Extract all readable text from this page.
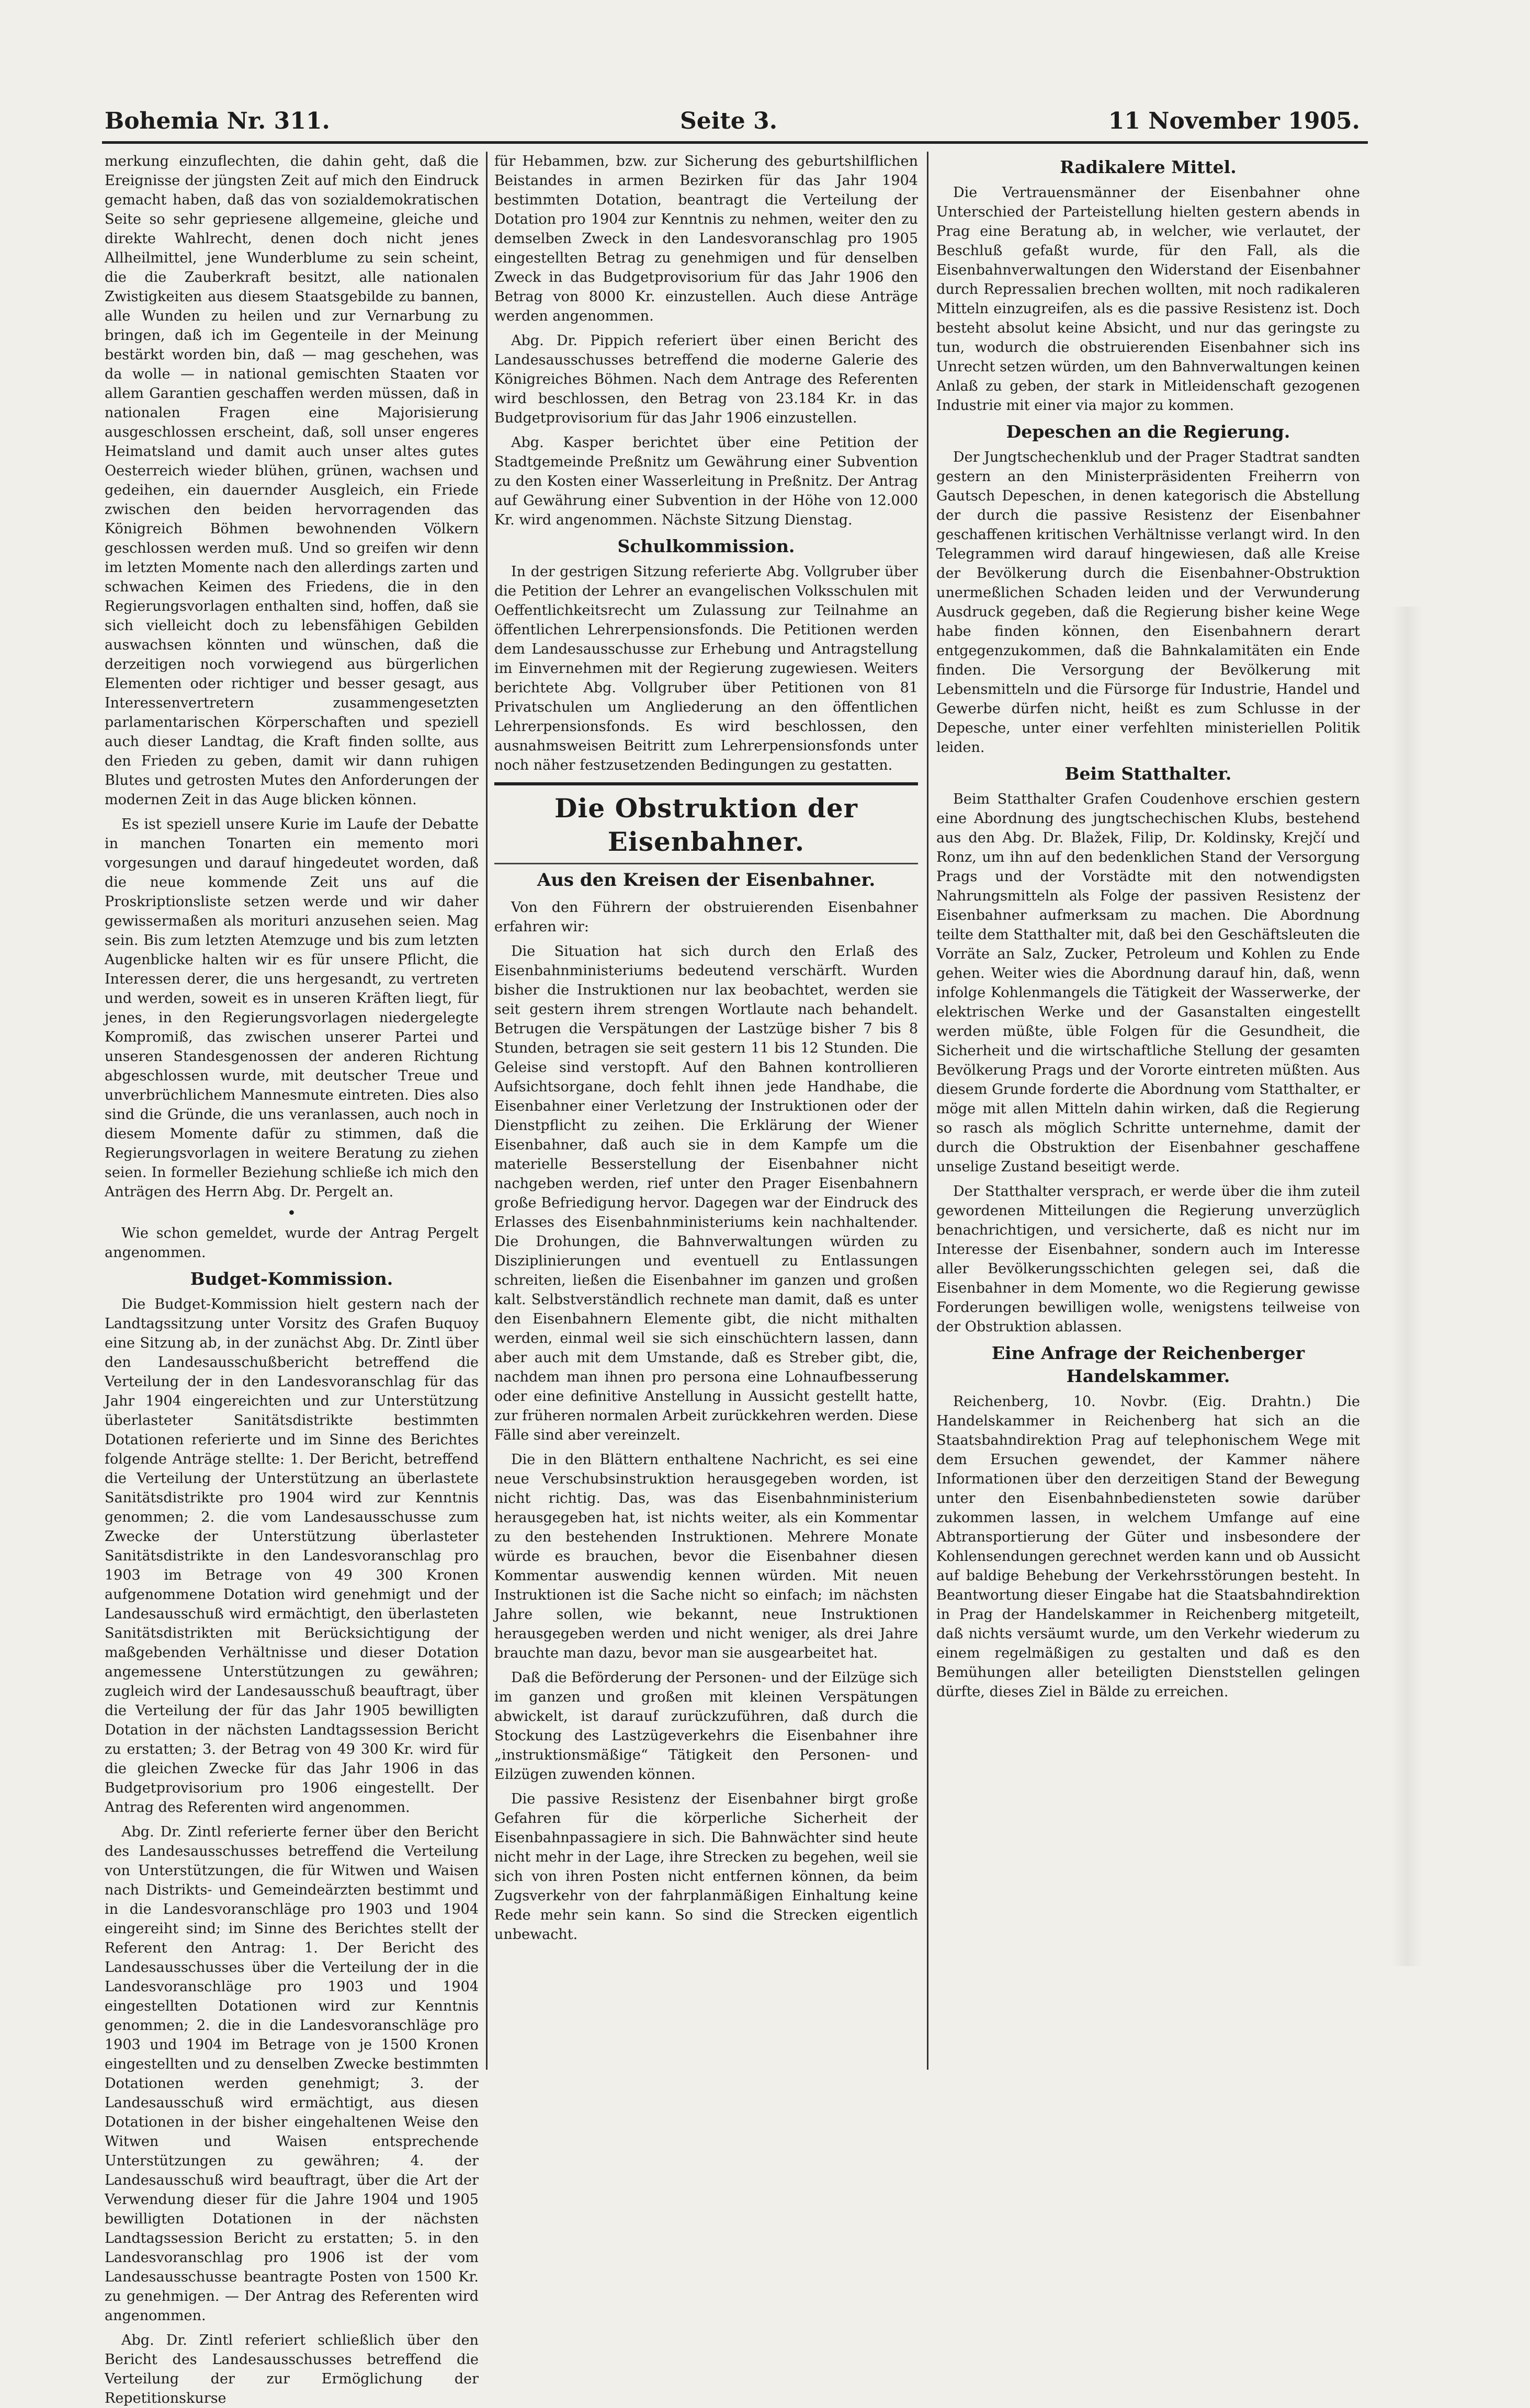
Bohemia Nr. 311.	Seite 3.	11 November 1905.

merkung einzuflechten, die dahin geht, daß die Ereignisse der jüngsten Zeit auf mich den Eindruck gemacht haben, daß das von sozialdemokratischen Seite so sehr gepriesene allgemeine, gleiche und direkte Wahlrecht, denen doch nicht jenes Allheilmittel, jene Wunderblume zu sein scheint, die die Zauberkraft besitzt, alle nationalen Zwistigkeiten aus diesem Staatsgebilde zu bannen, alle Wunden zu heilen und zur Vernarbung zu bringen, daß ich im Gegenteile in der Meinung bestärkt worden bin, daß — mag geschehen, was da wolle — in national gemischten Staaten vor allem Garantien geschaffen werden müssen, daß in nationalen Fragen eine Majorisierung ausgeschlossen erscheint, daß, soll unser engeres Heimatsland und damit auch unser altes gutes Oesterreich wieder blühen, grünen, wachsen und gedeihen, ein dauernder Ausgleich, ein Friede zwischen den beiden hervorragenden das Königreich Böhmen bewohnenden Völkern geschlossen werden muß. Und so greifen wir denn im letzten Momente nach den allerdings zarten und schwachen Keimen des Friedens, die in den Regierungsvorlagen enthalten sind, hoffen, daß sie sich vielleicht doch zu lebensfähigen Gebilden auswachsen könnten und wünschen, daß die derzeitigen noch vorwiegend aus bürgerlichen Elementen oder richtiger und besser gesagt, aus Interessenvertretern zusammengesetzten parlamentarischen Körperschaften und speziell auch dieser Landtag, die Kraft finden sollte, aus den Frieden zu geben, damit wir dann ruhigen Blutes und getrosten Mutes den Anforderungen der modernen Zeit in das Auge blicken können.

Es ist speziell unsere Kurie im Laufe der Debatte in manchen Tonarten ein memento mori vorgesungen und darauf hingedeutet worden, daß die neue kommende Zeit uns auf die Proskriptionsliste setzen werde und wir daher gewissermaßen als morituri anzusehen seien. Mag sein. Bis zum letzten Atemzuge und bis zum letzten Augenblicke halten wir es für unsere Pflicht, die Interessen derer, die uns hergesandt, zu vertreten und werden, soweit es in unseren Kräften liegt, für jenes, in den Regierungsvorlagen niedergelegte Kompromiß, das zwischen unserer Partei und unseren Standesgenossen der anderen Richtung abgeschlossen wurde, mit deutscher Treue und unverbrüchlichem Mannesmute eintreten. Dies also sind die Gründe, die uns veranlassen, auch noch in diesem Momente dafür zu stimmen, daß die Regierungsvorlagen in weitere Beratung zu ziehen seien. In formeller Beziehung schließe ich mich den Anträgen des Herrn Abg. Dr. Pergelt an.

•

Wie schon gemeldet, wurde der Antrag Pergelt angenommen.

Budget-Kommission.

Die Budget-Kommission hielt gestern nach der Landtagssitzung unter Vorsitz des Grafen Buquoy eine Sitzung ab, in der zunächst Abg. Dr. Zintl über den Landesausschußbericht betreffend die Verteilung der in den Landesvoranschlag für das Jahr 1904 eingereichten und zur Unterstützung überlasteter Sanitätsdistrikte bestimmten Dotationen referierte und im Sinne des Berichtes folgende Anträge stellte: 1. Der Bericht, betreffend die Verteilung der Unterstützung an überlastete Sanitätsdistrikte pro 1904 wird zur Kenntnis genommen; 2. die vom Landesausschusse zum Zwecke der Unterstützung überlasteter Sanitätsdistrikte in den Landesvoranschlag pro 1903 im Betrage von 49 300 Kronen aufgenommene Dotation wird genehmigt und der Landesausschuß wird ermächtigt, den überlasteten Sanitätsdistrikten mit Berücksichtigung der maßgebenden Verhältnisse und dieser Dotation angemessene Unterstützungen zu gewähren; zugleich wird der Landesausschuß beauftragt, über die Verteilung der für das Jahr 1905 bewilligten Dotation in der nächsten Landtagssession Bericht zu erstatten; 3. der Betrag von 49 300 Kr. wird für die gleichen Zwecke für das Jahr 1906 in das Budgetprovisorium pro 1906 eingestellt. Der Antrag des Referenten wird angenommen.

Abg. Dr. Zintl referierte ferner über den Bericht des Landesausschusses betreffend die Verteilung von Unterstützungen, die für Witwen und Waisen nach Distrikts- und Gemeindeärzten bestimmt und in die Landesvoranschläge pro 1903 und 1904 eingereiht sind; im Sinne des Berichtes stellt der Referent den Antrag: 1. Der Bericht des Landesausschusses über die Verteilung der in die Landesvoranschläge pro 1903 und 1904 eingestellten Dotationen wird zur Kenntnis genommen; 2. die in die Landesvoranschläge pro 1903 und 1904 im Betrage von je 1500 Kronen eingestellten und zu denselben Zwecke bestimmten Dotationen werden genehmigt; 3. der Landesausschuß wird ermächtigt, aus diesen Dotationen in der bisher eingehaltenen Weise den Witwen und Waisen entsprechende Unterstützungen zu gewähren; 4. der Landesausschuß wird beauftragt, über die Art der Verwendung dieser für die Jahre 1904 und 1905 bewilligten Dotationen in der nächsten Landtagssession Bericht zu erstatten; 5. in den Landesvoranschlag pro 1906 ist der vom Landesausschusse beantragte Posten von 1500 Kr. zu genehmigen. — Der Antrag des Referenten wird angenommen.

Abg. Dr. Zintl referiert schließlich über den Bericht des Landesausschusses betreffend die Verteilung der zur Ermöglichung der Repetitionskurse

für Hebammen, bzw. zur Sicherung des geburtshilflichen Beistandes in armen Bezirken für das Jahr 1904 bestimmten Dotation, beantragt die Verteilung der Dotation pro 1904 zur Kenntnis zu nehmen, weiter den zu demselben Zweck in den Landesvoranschlag pro 1905 eingestellten Betrag zu genehmigen und für denselben Zweck in das Budgetprovisorium für das Jahr 1906 den Betrag von 8000 Kr. einzustellen. Auch diese Anträge werden angenommen.

Abg. Dr. Pippich referiert über einen Bericht des Landesausschusses betreffend die moderne Galerie des Königreiches Böhmen. Nach dem Antrage des Referenten wird beschlossen, den Betrag von 23.184 Kr. in das Budgetprovisorium für das Jahr 1906 einzustellen.

Abg. Kasper berichtet über eine Petition der Stadtgemeinde Preßnitz um Gewährung einer Subvention zu den Kosten einer Wasserleitung in Preßnitz. Der Antrag auf Gewährung einer Subvention in der Höhe von 12.000 Kr. wird angenommen. Nächste Sitzung Dienstag.

Schulkommission.

In der gestrigen Sitzung referierte Abg. Vollgruber über die Petition der Lehrer an evangelischen Volksschulen mit Oeffentlichkeitsrecht um Zulassung zur Teilnahme an öffentlichen Lehrerpensionsfonds. Die Petitionen werden dem Landesausschusse zur Erhebung und Antragstellung im Einvernehmen mit der Regierung zugewiesen. Weiters berichtete Abg. Vollgruber über Petitionen von 81 Privatschulen um Angliederung an den öffentlichen Lehrerpensionsfonds. Es wird beschlossen, den ausnahmsweisen Beitritt zum Lehrerpensionsfonds unter noch näher festzusetzenden Bedingungen zu gestatten.

Die Obstruktion der Eisenbahner.
Aus den Kreisen der Eisenbahner.

Von den Führern der obstruierenden Eisenbahner erfahren wir:

Die Situation hat sich durch den Erlaß des Eisenbahnministeriums bedeutend verschärft. Wurden bisher die Instruktionen nur lax beobachtet, werden sie seit gestern ihrem strengen Wortlaute nach behandelt. Betrugen die Verspätungen der Lastzüge bisher 7 bis 8 Stunden, betragen sie seit gestern 11 bis 12 Stunden. Die Geleise sind verstopft. Auf den Bahnen kontrollieren Aufsichtsorgane, doch fehlt ihnen jede Handhabe, die Eisenbahner einer Verletzung der Instruktionen oder der Dienstpflicht zu zeihen. Die Erklärung der Wiener Eisenbahner, daß auch sie in dem Kampfe um die materielle Besserstellung der Eisenbahner nicht nachgeben werden, rief unter den Prager Eisenbahnern große Befriedigung hervor. Dagegen war der Eindruck des Erlasses des Eisenbahnministeriums kein nachhaltender. Die Drohungen, die Bahnverwaltungen würden zu Disziplinierungen und eventuell zu Entlassungen schreiten, ließen die Eisenbahner im ganzen und großen kalt. Selbstverständlich rechnete man damit, daß es unter den Eisenbahnern Elemente gibt, die nicht mithalten werden, einmal weil sie sich einschüchtern lassen, dann aber auch mit dem Umstande, daß es Streber gibt, die, nachdem man ihnen pro persona eine Lohnaufbesserung oder eine definitive Anstellung in Aussicht gestellt hatte, zur früheren normalen Arbeit zurückkehren werden. Diese Fälle sind aber vereinzelt.

Die in den Blättern enthaltene Nachricht, es sei eine neue Verschubsinstruktion herausgegeben worden, ist nicht richtig. Das, was das Eisenbahnministerium herausgegeben hat, ist nichts weiter, als ein Kommentar zu den bestehenden Instruktionen. Mehrere Monate würde es brauchen, bevor die Eisenbahner diesen Kommentar auswendig kennen würden. Mit neuen Instruktionen ist die Sache nicht so einfach; im nächsten Jahre sollen, wie bekannt, neue Instruktionen herausgegeben werden und nicht weniger, als drei Jahre brauchte man dazu, bevor man sie ausgearbeitet hat.

Daß die Beförderung der Personen- und der Eilzüge sich im ganzen und großen mit kleinen Verspätungen abwickelt, ist darauf zurückzuführen, daß durch die Stockung des Lastzügeverkehrs die Eisenbahner ihre „instruktionsmäßige“ Tätigkeit den Personen- und Eilzügen zuwenden können.

Die passive Resistenz der Eisenbahner birgt große Gefahren für die körperliche Sicherheit der Eisenbahnpassagiere in sich. Die Bahnwächter sind heute nicht mehr in der Lage, ihre Strecken zu begehen, weil sie sich von ihren Posten nicht entfernen können, da beim Zugsverkehr von der fahrplanmäßigen Einhaltung keine Rede mehr sein kann. So sind die Strecken eigentlich unbewacht.

Radikalere Mittel.

Die Vertrauensmänner der Eisenbahner ohne Unterschied der Parteistellung hielten gestern abends in Prag eine Beratung ab, in welcher, wie verlautet, der Beschluß gefaßt wurde, für den Fall, als die Eisenbahnverwaltungen den Widerstand der Eisenbahner durch Repressalien brechen wollten, mit noch radikaleren Mitteln einzugreifen, als es die passive Resistenz ist. Doch besteht absolut keine Absicht, und nur das geringste zu tun, wodurch die obstruierenden Eisenbahner sich ins Unrecht setzen würden, um den Bahnverwaltungen keinen Anlaß zu geben, der stark in Mitleidenschaft gezogenen Industrie mit einer via major zu kommen.

Depeschen an die Regierung.

Der Jungtschechenklub und der Prager Stadtrat sandten gestern an den Ministerpräsidenten Freiherrn von Gautsch Depeschen, in denen kategorisch die Abstellung der durch die passive Resistenz der Eisenbahner geschaffenen kritischen Verhältnisse verlangt wird. In den Telegrammen wird darauf hingewiesen, daß alle Kreise der Bevölkerung durch die Eisenbahner-Obstruktion unermeßlichen Schaden leiden und der Verwunderung Ausdruck gegeben, daß die Regierung bisher keine Wege habe finden können, den Eisenbahnern derart entgegenzukommen, daß die Bahnkalamitäten ein Ende finden. Die Versorgung der Bevölkerung mit Lebensmitteln und die Fürsorge für Industrie, Handel und Gewerbe dürfen nicht, heißt es zum Schlusse in der Depesche, unter einer verfehlten ministeriellen Politik leiden.

Beim Statthalter.

Beim Statthalter Grafen Coudenhove erschien gestern eine Abordnung des jungtschechischen Klubs, bestehend aus den Abg. Dr. Blažek, Filip, Dr. Koldinsky, Krejčí und Ronz, um ihn auf den bedenklichen Stand der Versorgung Prags und der Vorstädte mit den notwendigsten Nahrungsmitteln als Folge der passiven Resistenz der Eisenbahner aufmerksam zu machen. Die Abordnung teilte dem Statthalter mit, daß bei den Geschäftsleuten die Vorräte an Salz, Zucker, Petroleum und Kohlen zu Ende gehen. Weiter wies die Abordnung darauf hin, daß, wenn infolge Kohlenmangels die Tätigkeit der Wasserwerke, der elektrischen Werke und der Gasanstalten eingestellt werden müßte, üble Folgen für die Gesundheit, die Sicherheit und die wirtschaftliche Stellung der gesamten Bevölkerung Prags und der Vororte eintreten müßten. Aus diesem Grunde forderte die Abordnung vom Statthalter, er möge mit allen Mitteln dahin wirken, daß die Regierung so rasch als möglich Schritte unternehme, damit der durch die Obstruktion der Eisenbahner geschaffene unselige Zustand beseitigt werde.

Der Statthalter versprach, er werde über die ihm zuteil gewordenen Mitteilungen die Regierung unverzüglich benachrichtigen, und versicherte, daß es nicht nur im Interesse der Eisenbahner, sondern auch im Interesse aller Bevölkerungsschichten gelegen sei, daß die Eisenbahner in dem Momente, wo die Regierung gewisse Forderungen bewilligen wolle, wenigstens teilweise von der Obstruktion ablassen.

Eine Anfrage der Reichenberger Handelskammer.

Reichenberg, 10. Novbr. (Eig. Drahtn.) Die Handelskammer in Reichenberg hat sich an die Staatsbahndirektion Prag auf telephonischem Wege mit dem Ersuchen gewendet, der Kammer nähere Informationen über den derzeitigen Stand der Bewegung unter den Eisenbahnbediensteten sowie darüber zukommen lassen, in welchem Umfange auf eine Abtransportierung der Güter und insbesondere der Kohlensendungen gerechnet werden kann und ob Aussicht auf baldige Behebung der Verkehrsstörungen besteht. In Beantwortung dieser Eingabe hat die Staatsbahndirektion in Prag der Handelskammer in Reichenberg mitgeteilt, daß nichts versäumt wurde, um den Verkehr wiederum zu einem regelmäßigen zu gestalten und daß es den Bemühungen aller beteiligten Dienststellen gelingen dürfte, dieses Ziel in Bälde zu erreichen.
